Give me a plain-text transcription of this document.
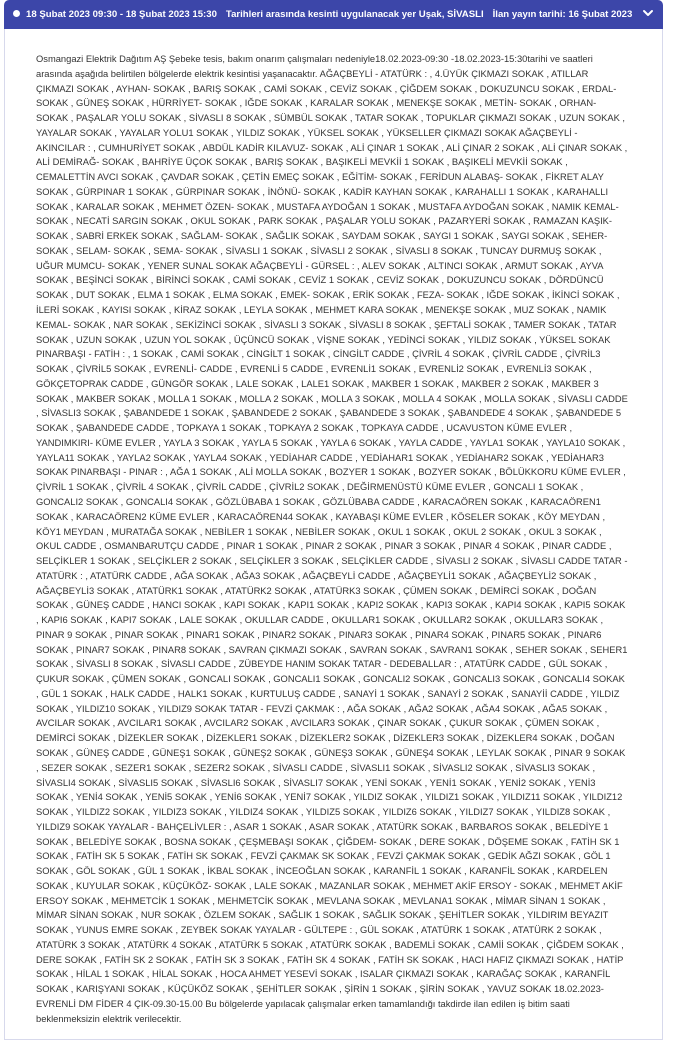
18 Şubat 2023 09:30 - 18 Şubat 2023 15:30 Tarihleri arasında kesinti uygulanacak yer Uşak, SİVASLI İlan yayın tarihi: 16 Şubat 2023
Osmangazi Elektrik Dağıtım AŞ Şebeke tesis, bakım onarım çalışmaları nedeniyle18.02.2023-09:30 -18.02.2023-15:30tarihi ve saatleri arasında aşağıda belirtilen bölgelerde elektrik kesintisi yaşanacaktır. AĞAÇBEYLİ - ATATÜRK : , 4.ÜYÜK ÇIKMAZI SOKAK , ATILLAR ÇIKMAZI SOKAK , AYHAN- SOKAK , BARIŞ SOKAK , CAMİ SOKAK , CEVİZ SOKAK , ÇİĞDEM SOKAK , DOKUZUNCU SOKAK , ERDAL- SOKAK , GÜNEŞ SOKAK , HÜRRİYET- SOKAK , IĞDE SOKAK , KARALAR SOKAK , MENEKŞE SOKAK , METİN- SOKAK , ORHAN- SOKAK , PAŞALAR YOLU SOKAK , SİVASLI 8 SOKAK , SÜMBÜL SOKAK , TATAR SOKAK , TOPUKLAR ÇIKMAZI SOKAK , UZUN SOKAK , YAYALAR SOKAK , YAYALAR YOLU1 SOKAK , YILDIZ SOKAK , YÜKSEL SOKAK , YÜKSELLER ÇIKMAZI SOKAK AĞAÇBEYLİ - AKINCILAR : , CUMHURİYET SOKAK , ABDÜL KADİR KILAVUZ- SOKAK , ALİ ÇINAR 1 SOKAK , ALİ ÇINAR 2 SOKAK , ALİ ÇINAR SOKAK , ALİ DEMİRAĞ- SOKAK , BAHRİYE ÜÇOK SOKAK , BARIŞ SOKAK , BAŞIKELİ MEVKİİ 1 SOKAK , BAŞIKELİ MEVKİİ SOKAK , CEMALETTİN AVCI SOKAK , ÇAVDAR SOKAK , ÇETİN EMEÇ SOKAK , EĞİTİM- SOKAK , FERİDUN ALABAŞ- SOKAK , FİKRET ALAY SOKAK , GÜRPINAR 1 SOKAK , GÜRPINAR SOKAK , İNÖNÜ- SOKAK , KADİR KAYHAN SOKAK , KARAHALLI 1 SOKAK , KARAHALLI SOKAK , KARALAR SOKAK , MEHMET ÖZEN- SOKAK , MUSTAFA AYDOĞAN 1 SOKAK , MUSTAFA AYDOĞAN SOKAK , NAMIK KEMAL- SOKAK , NECATİ SARGIN SOKAK , OKUL SOKAK , PARK SOKAK , PAŞALAR YOLU SOKAK , PAZARYERİ SOKAK , RAMAZAN KAŞIK- SOKAK , SABRİ ERKEK SOKAK , SAĞLAM- SOKAK , SAĞLIK SOKAK , SAYDAM SOKAK , SAYGI 1 SOKAK , SAYGI SOKAK , SEHER- SOKAK , SELAM- SOKAK , SEMA- SOKAK , SİVASLI 1 SOKAK , SİVASLI 2 SOKAK , SİVASLI 8 SOKAK , TUNCAY DURMUŞ SOKAK , UĞUR MUMCU- SOKAK , YENER SUNAL SOKAK AĞAÇBEYLİ - GÜRSEL : , ALEV SOKAK , ALTINCI SOKAK , ARMUT SOKAK , AYVA SOKAK , BEŞİNCİ SOKAK , BİRİNCİ SOKAK , CAMİ SOKAK , CEVİZ 1 SOKAK , CEVİZ SOKAK , DOKUZUNCU SOKAK , DÖRDÜNCÜ SOKAK , DUT SOKAK , ELMA 1 SOKAK , ELMA SOKAK , EMEK- SOKAK , ERİK SOKAK , FEZA- SOKAK , IĞDE SOKAK , İKİNCİ SOKAK , İLERİ SOKAK , KAYISI SOKAK , KİRAZ SOKAK , LEYLA SOKAK , MEHMET KARA SOKAK , MENEKŞE SOKAK , MUZ SOKAK , NAMIK KEMAL- SOKAK , NAR SOKAK , SEKİZİNCİ SOKAK , SİVASLI 3 SOKAK , SİVASLI 8 SOKAK , ŞEFTALİ SOKAK , TAMER SOKAK , TATAR SOKAK , UZUN SOKAK , UZUN YOL SOKAK , ÜÇÜNCÜ SOKAK , VİŞNE SOKAK , YEDİNCİ SOKAK , YILDIZ SOKAK , YÜKSEL SOKAK PINARBAŞI - FATİH : , 1 SOKAK , CAMİ SOKAK , CİNGİLT 1 SOKAK , CİNGİLT CADDE , ÇİVRİL 4 SOKAK , ÇİVRİL CADDE , ÇİVRİL3 SOKAK , ÇİVRİL5 SOKAK , EVRENLİ- CADDE , EVRENLİ 5 CADDE , EVRENLİ1 SOKAK , EVRENLİ2 SOKAK , EVRENLİ3 SOKAK , GÖKÇETOPRAK CADDE , GÜNGÖR SOKAK , LALE SOKAK , LALE1 SOKAK , MAKBER 1 SOKAK , MAKBER 2 SOKAK , MAKBER 3 SOKAK , MAKBER SOKAK , MOLLA 1 SOKAK , MOLLA 2 SOKAK , MOLLA 3 SOKAK , MOLLA 4 SOKAK , MOLLA SOKAK , SİVASLI CADDE , SİVASLI3 SOKAK , ŞABANDEDE 1 SOKAK , ŞABANDEDE 2 SOKAK , ŞABANDEDE 3 SOKAK , ŞABANDEDE 4 SOKAK , ŞABANDEDE 5 SOKAK , ŞABANDEDE CADDE , TOPKAYA 1 SOKAK , TOPKAYA 2 SOKAK , TOPKAYA CADDE , UCAVUSTON KÜME EVLER , YANDIMKIRI- KÜME EVLER , YAYLA 3 SOKAK , YAYLA 5 SOKAK , YAYLA 6 SOKAK , YAYLA CADDE , YAYLA1 SOKAK , YAYLA10 SOKAK , YAYLA11 SOKAK , YAYLA2 SOKAK , YAYLA4 SOKAK , YEDİAHAR CADDE , YEDİAHAR1 SOKAK , YEDİAHAR2 SOKAK , YEDİAHAR3 SOKAK PINARBAŞI - PINAR : , AĞA 1 SOKAK , ALİ MOLLA SOKAK , BOZYER 1 SOKAK , BOZYER SOKAK , BÖLÜKKORU KÜME EVLER , ÇİVRİL 1 SOKAK , ÇİVRİL 4 SOKAK , ÇİVRİL CADDE , ÇİVRİL2 SOKAK , DEĞİRMENÜSTÜ KÜME EVLER , GONCALI 1 SOKAK , GONCALI2 SOKAK , GONCALI4 SOKAK , GÖZLÜBABA 1 SOKAK , GÖZLÜBABA CADDE , KARACAÖREN SOKAK , KARACAÖREN1 SOKAK , KARACAÖREN2 KÜME EVLER , KARACAÖREN44 SOKAK , KAYABAŞI KÜME EVLER , KÖSELER SOKAK , KÖY MEYDAN , KÖY1 MEYDAN , MURATAĞA SOKAK , NEBİLER 1 SOKAK , NEBİLER SOKAK , OKUL 1 SOKAK , OKUL 2 SOKAK , OKUL 3 SOKAK , OKUL CADDE , OSMANBARUTÇU CADDE , PINAR 1 SOKAK , PINAR 2 SOKAK , PINAR 3 SOKAK , PINAR 4 SOKAK , PINAR CADDE , SELÇİKLER 1 SOKAK , SELÇİKLER 2 SOKAK , SELÇİKLER 3 SOKAK , SELÇİKLER CADDE , SİVASLI 2 SOKAK , SİVASLI CADDE TATAR - ATATÜRK : , ATATÜRK CADDE , AĞA SOKAK , AĞA3 SOKAK , AĞAÇBEYLİ CADDE , AĞAÇBEYLİ1 SOKAK , AĞAÇBEYLİ2 SOKAK , AĞAÇBEYLİ3 SOKAK , ATATÜRK1 SOKAK , ATATÜRK2 SOKAK , ATATÜRK3 SOKAK , ÇÜMEN SOKAK , DEMİRCİ SOKAK , DOĞAN SOKAK , GÜNEŞ CADDE , HANCI SOKAK , KAPI SOKAK , KAPI1 SOKAK , KAPI2 SOKAK , KAPI3 SOKAK , KAPI4 SOKAK , KAPI5 SOKAK , KAPI6 SOKAK , KAPI7 SOKAK , LALE SOKAK , OKULLAR CADDE , OKULLAR1 SOKAK , OKULLAR2 SOKAK , OKULLAR3 SOKAK , PINAR 9 SOKAK , PINAR SOKAK , PINAR1 SOKAK , PINAR2 SOKAK , PINAR3 SOKAK , PINAR4 SOKAK , PINAR5 SOKAK , PINAR6 SOKAK , PINAR7 SOKAK , PINAR8 SOKAK , SAVRAN ÇIKMAZI SOKAK , SAVRAN SOKAK , SAVRAN1 SOKAK , SEHER SOKAK , SEHER1 SOKAK , SİVASLI 8 SOKAK , SİVASLI CADDE , ZÜBEYDE HANIM SOKAK TATAR - DEDEBALLAR : , ATATÜRK CADDE , GÜL SOKAK , ÇUKUR SOKAK , ÇÜMEN SOKAK , GONCALI SOKAK , GONCALI1 SOKAK , GONCALI2 SOKAK , GONCALI3 SOKAK , GONCALI4 SOKAK , GÜL 1 SOKAK , HALK CADDE , HALK1 SOKAK , KURTULUŞ CADDE , SANAYİ 1 SOKAK , SANAYİ 2 SOKAK , SANAYİİ CADDE , YILDIZ SOKAK , YILDIZ10 SOKAK , YILDIZ9 SOKAK TATAR - FEVZİ ÇAKMAK : , AĞA SOKAK , AĞA2 SOKAK , AĞA4 SOKAK , AĞA5 SOKAK , AVCILAR SOKAK , AVCILAR1 SOKAK , AVCILAR2 SOKAK , AVCILAR3 SOKAK , ÇINAR SOKAK , ÇUKUR SOKAK , ÇÜMEN SOKAK , DEMİRCİ SOKAK , DİZEKLER SOKAK , DİZEKLER1 SOKAK , DİZEKLER2 SOKAK , DİZEKLER3 SOKAK , DİZEKLER4 SOKAK , DOĞAN SOKAK , GÜNEŞ CADDE , GÜNEŞ1 SOKAK , GÜNEŞ2 SOKAK , GÜNEŞ3 SOKAK , GÜNEŞ4 SOKAK , LEYLAK SOKAK , PINAR 9 SOKAK , SEZER SOKAK , SEZER1 SOKAK , SEZER2 SOKAK , SİVASLI CADDE , SİVASLI1 SOKAK , SİVASLI2 SOKAK , SİVASLI3 SOKAK , SİVASLI4 SOKAK , SİVASLI5 SOKAK , SİVASLI6 SOKAK , SİVASLI7 SOKAK , YENİ SOKAK , YENİ1 SOKAK , YENİ2 SOKAK , YENİ3 SOKAK , YENİ4 SOKAK , YENİ5 SOKAK , YENİ6 SOKAK , YENİ7 SOKAK , YILDIZ SOKAK , YILDIZ1 SOKAK , YILDIZ11 SOKAK , YILDIZ12 SOKAK , YILDIZ2 SOKAK , YILDIZ3 SOKAK , YILDIZ4 SOKAK , YILDIZ5 SOKAK , YILDIZ6 SOKAK , YILDIZ7 SOKAK , YILDIZ8 SOKAK , YILDIZ9 SOKAK YAYALAR - BAHÇELİVLER : , ASAR 1 SOKAK , ASAR SOKAK , ATATÜRK SOKAK , BARBAROS SOKAK , BELEDİYE 1 SOKAK , BELEDİYE SOKAK , BOSNA SOKAK , ÇEŞMEBAŞI SOKAK , ÇİĞDEM- SOKAK , DERE SOKAK , DÖŞEME SOKAK , FATİH SK 1 SOKAK , FATİH SK 5 SOKAK , FATİH SK SOKAK , FEVZİ ÇAKMAK SK SOKAK , FEVZİ ÇAKMAK SOKAK , GEDİK AĞZI SOKAK , GÖL 1 SOKAK , GÖL SOKAK , GÜL 1 SOKAK , İKBAL SOKAK , İNCEOĞLAN SOKAK , KARANFİL 1 SOKAK , KARANFİL SOKAK , KARDELEN SOKAK , KUYULAR SOKAK , KÜÇÜKÖZ- SOKAK , LALE SOKAK , MAZANLAR SOKAK , MEHMET AKİF ERSOY - SOKAK , MEHMET AKİF ERSOY SOKAK , MEHMETCİK 1 SOKAK , MEHMETCİK SOKAK , MEVLANA SOKAK , MEVLANA1 SOKAK , MİMAR SİNAN 1 SOKAK , MİMAR SİNAN SOKAK , NUR SOKAK , ÖZLEM SOKAK , SAĞLIK 1 SOKAK , SAĞLIK SOKAK , ŞEHİTLER SOKAK , YILDIRIM BEYAZIT SOKAK , YUNUS EMRE SOKAK , ZEYBEK SOKAK YAYALAR - GÜLTEPE : , GÜL SOKAK , ATATÜRK 1 SOKAK , ATATÜRK 2 SOKAK , ATATÜRK 3 SOKAK , ATATÜRK 4 SOKAK , ATATÜRK 5 SOKAK , ATATÜRK SOKAK , BADEMLİ SOKAK , CAMİİ SOKAK , ÇİĞDEM SOKAK , DERE SOKAK , FATİH SK 2 SOKAK , FATİH SK 3 SOKAK , FATİH SK 4 SOKAK , FATİH SK SOKAK , HACI HAFIZ ÇIKMAZI SOKAK , HATİP SOKAK , HİLAL 1 SOKAK , HİLAL SOKAK , HOCA AHMET YESEVİ SOKAK , ISALAR ÇIKMAZI SOKAK , KARAĞAÇ SOKAK , KARANFİL SOKAK , KARIŞYANI SOKAK , KÜÇÜKÖZ SOKAK , ŞEHİTLER SOKAK , ŞİRİN 1 SOKAK , ŞİRİN SOKAK , YAVUZ SOKAK 18.02.2023-EVRENLİ DM FİDER 4 ÇIK-09.30-15.00 Bu bölgelerde yapılacak çalışmalar erken tamamlandığı takdirde ilan edilen iş bitim saati beklenmeksizin elektrik verilecektir.
